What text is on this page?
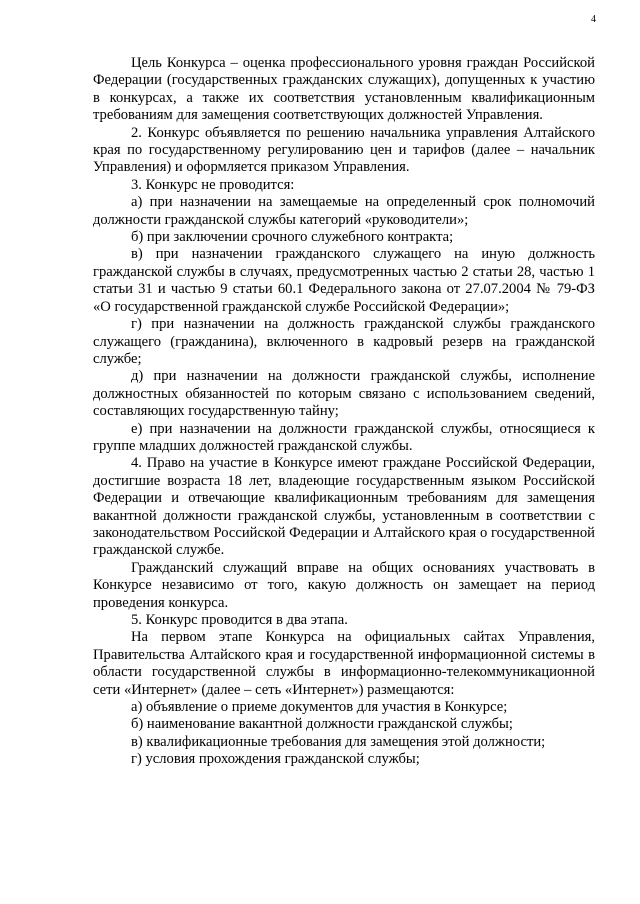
4

Цель Конкурса – оценка профессионального уровня граждан Российской Федерации (государственных гражданских служащих), допущенных к участию в конкурсах, а также их соответствия установленным квалификационным требованиям для замещения соответствующих должностей Управления.

2. Конкурс объявляется по решению начальника управления Алтайского края по государственному регулированию цен и тарифов (далее – начальник Управления) и оформляется приказом Управления.

3. Конкурс не проводится:

а) при назначении на замещаемые на определенный срок полномочий должности гражданской службы категорий «руководители»;

б) при заключении срочного служебного контракта;

в) при назначении гражданского служащего на иную должность гражданской службы в случаях, предусмотренных частью 2 статьи 28, частью 1 статьи 31 и частью 9 статьи 60.1 Федерального закона от 27.07.2004 № 79-ФЗ «О государственной гражданской службе Российской Федерации»;

г) при назначении на должность гражданской службы гражданского служащего (гражданина), включенного в кадровый резерв на гражданской службе;

д) при назначении на должности гражданской службы, исполнение должностных обязанностей по которым связано с использованием сведений, составляющих государственную тайну;

е) при назначении на должности гражданской службы, относящиеся к группе младших должностей гражданской службы.

4. Право на участие в Конкурсе имеют граждане Российской Федерации, достигшие возраста 18 лет, владеющие государственным языком Российской Федерации и отвечающие квалификационным требованиям для замещения вакантной должности гражданской службы, установленным в соответствии с законодательством Российской Федерации и Алтайского края о государственной гражданской службе.

Гражданский служащий вправе на общих основаниях участвовать в Конкурсе независимо от того, какую должность он замещает на период проведения конкурса.

5. Конкурс проводится в два этапа.

На первом этапе Конкурса на официальных сайтах Управления, Правительства Алтайского края и государственной информационной системы в области государственной службы в информационно-телекоммуникационной сети «Интернет» (далее – сеть «Интернет») размещаются:

а) объявление о приеме документов для участия в Конкурсе;

б) наименование вакантной должности гражданской службы;

в) квалификационные требования для замещения этой должности;

г) условия прохождения гражданской службы;
